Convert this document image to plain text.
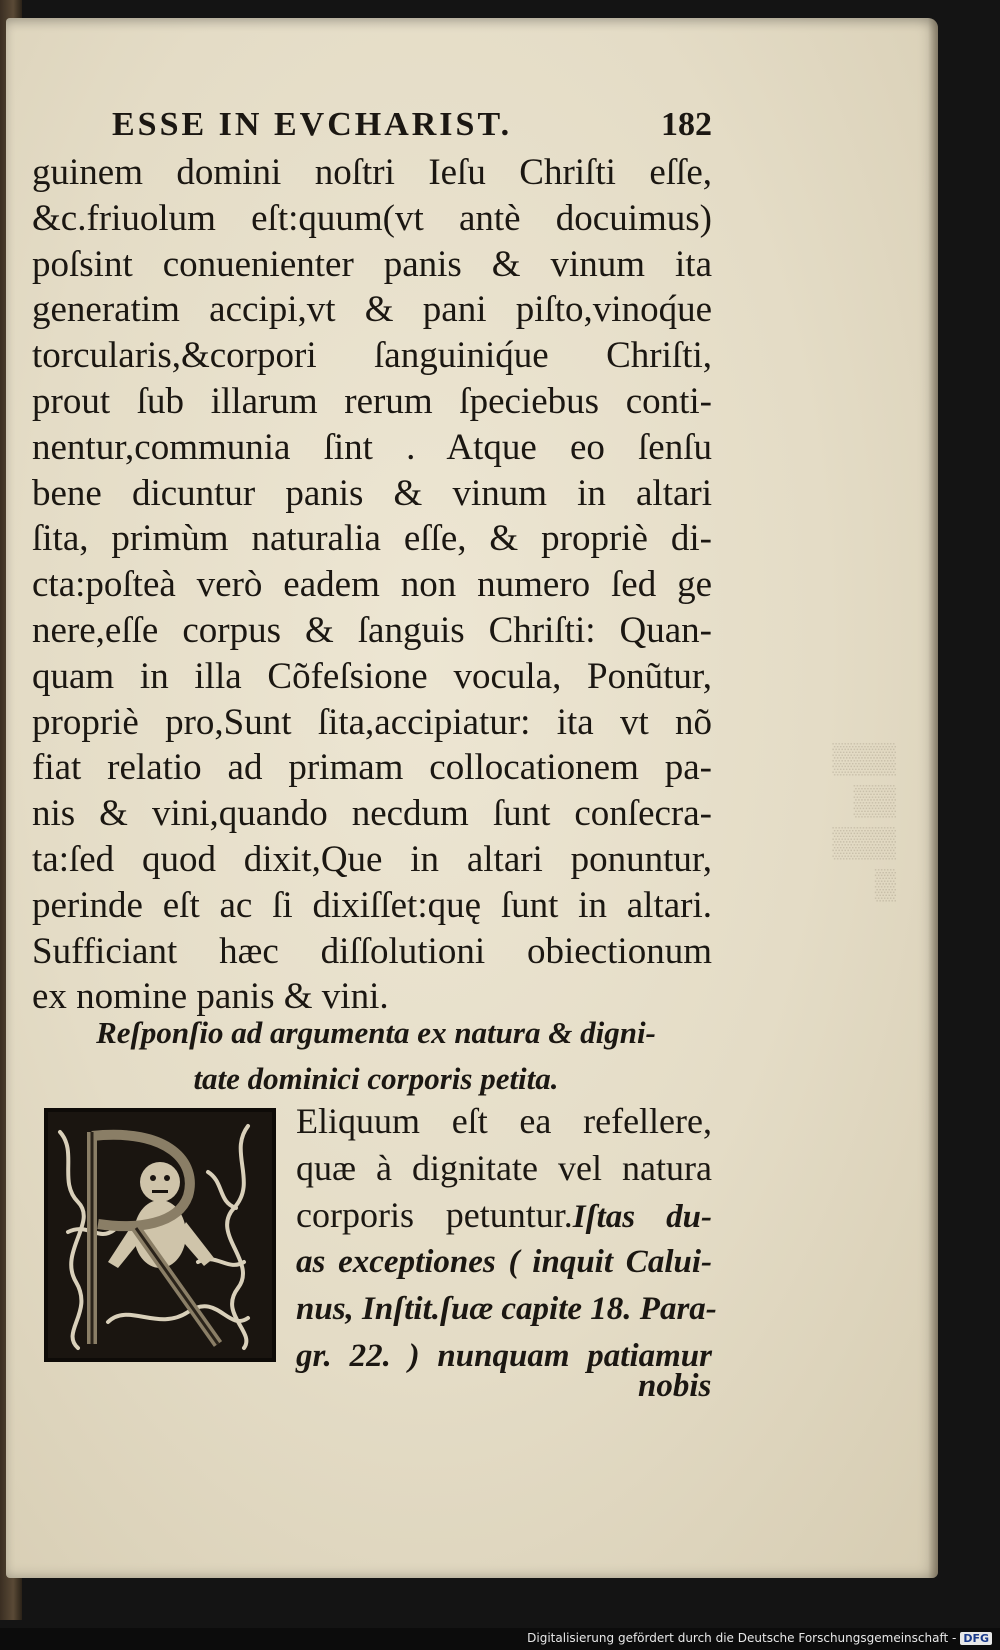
▒▒▒
▒▒
▒▒▒
▒
ESSE IN EVCHARIST.	182
guinem domini noſtri Ieſu Chriſti eſſe,
&c.friuolum eſt:quum(vt antè docuimus)
poſsint conuenienter panis & vinum ita
generatim accipi,vt & pani piſto,vinoq́ue
torcularis,&corpori ſanguiniq́ue Chriſti,
prout ſub illarum rerum ſpeciebus conti-
nentur,communia ſint . Atque eo ſenſu
bene dicuntur panis & vinum in altari
ſita, primùm naturalia eſſe, & propriè di-
cta:poſteà verò eadem non numero ſed ge
nere,eſſe corpus & ſanguis Chriſti: Quan-
quam in illa Cõfeſsione vocula, Ponũtur,
propriè pro,Sunt ſita,accipiatur: ita vt nõ
fiat relatio ad primam collocationem pa-
nis & vini,quando necdum ſunt conſecra-
ta:ſed quod dixit,Que in altari ponuntur,
perinde eſt ac ſi dixiſſet:quę ſunt in altari.
Sufficiant hæc diſſolutioni obiectionum
ex nomine panis & vini.
Reſponſio ad argumenta ex natura & digni-
tate dominici corporis petita.
Eliquum eſt ea refellere,
quæ à dignitate vel natura
corporis petuntur.Iſtas du-
as exceptiones ( inquit Calui-
nus, Inſtit.ſuæ capite 18. Para-
gr. 22. ) nunquam patiamur
nobis
Digitalisierung gefördert durch die Deutsche Forschungsgemeinschaft - DFG
